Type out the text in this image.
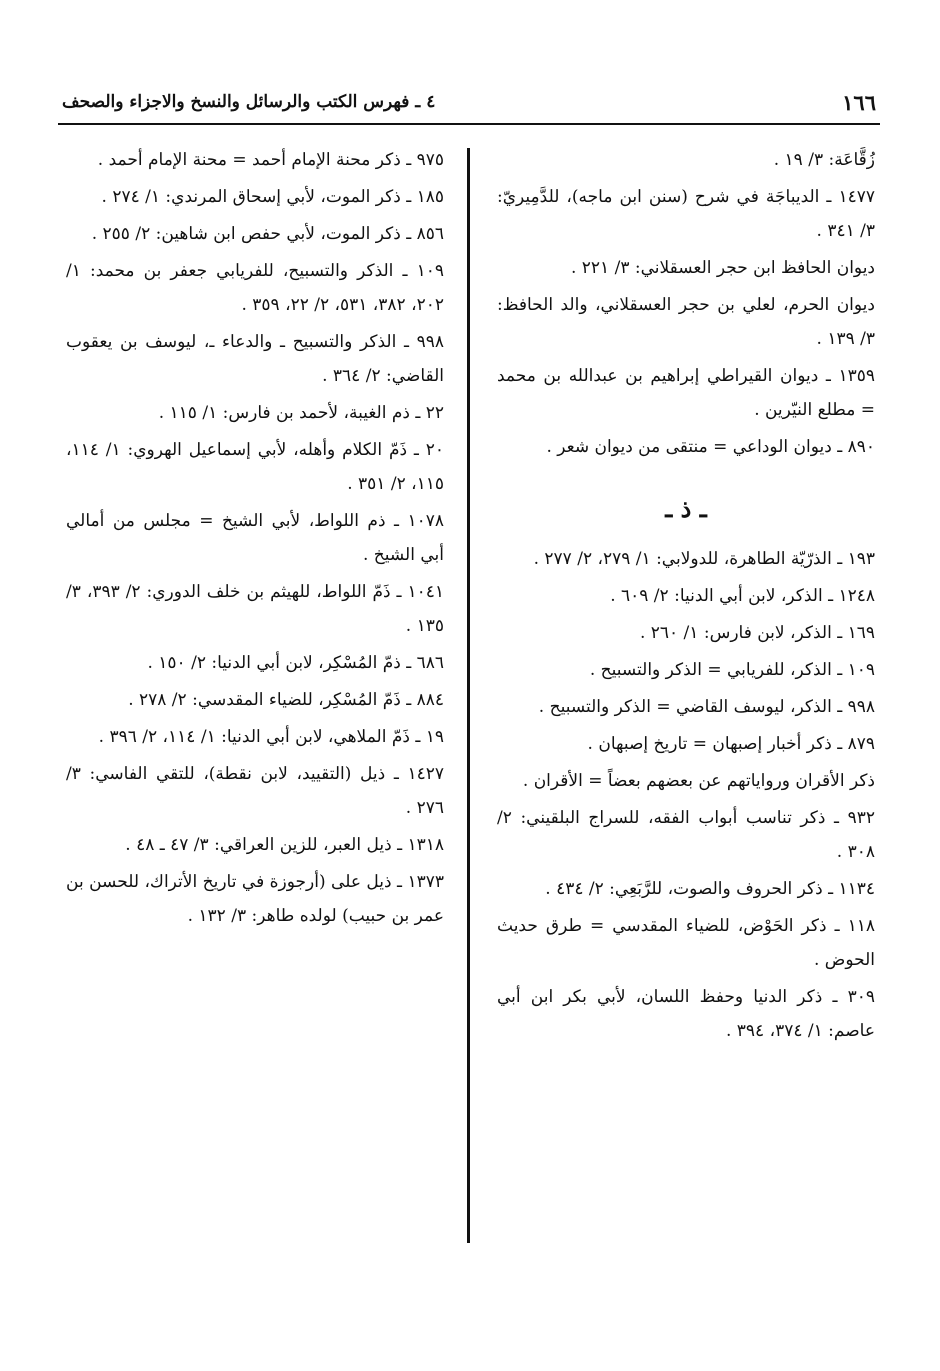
١٦٦
٤ ـ فهرس الكتب والرسائل والنسخ والاجزاء والصحف

زُقَّاعَة: ٣/ ١٩ .

١٤٧٧ ـ الديباجَة في شرح (سنن ابن ماجه)، للدَّمِيريّ: ٣/ ٣٤١ .

ديوان الحافظ ابن حجر العسقلاني: ٣/ ٢٢١ .

ديوان الحرم، لعلي بن حجر العسقلاني، والد الحافظ: ٣/ ١٣٩ .

١٣٥٩ ـ ديوان القيراطي إبراهيم بن عبدالله بن محمد = مطلع النيّرين .

٨٩٠ ـ ديوان الوداعي = منتقى من ديوان شعر .

ـ ذ ـ

١٩٣ ـ الذرّيّة الطاهرة، للدولابي: ١/ ٢٧٩، ٢/ ٢٧٧ .

١٢٤٨ ـ الذكر، لابن أبي الدنيا: ٢/ ٦٠٩ .

١٦٩ ـ الذكر، لابن فارس: ١/ ٢٦٠ .

١٠٩ ـ الذكر، للفريابي = الذكر والتسبيح .

٩٩٨ ـ الذكر، ليوسف القاضي = الذكر والتسبيح .

٨٧٩ ـ ذكر أخبار إصبهان = تاريخ إصبهان .

ذكر الأقران ورواياتهم عن بعضهم بعضاً = الأقران .

٩٣٢ ـ ذكر تناسب أبواب الفقه، للسراج البلقيني: ٢/ ٣٠٨ .

١١٣٤ ـ ذكر الحروف والصوت، للرَّبَعِي: ٢/ ٤٣٤ .

١١٨ ـ ذكر الحَوْض، للضياء المقدسي = طرق حديث الحوض .

٣٠٩ ـ ذكر الدنيا وحفظ اللسان، لأبي بكر ابن أبي عاصم: ١/ ٣٧٤، ٣٩٤ .

٩٧٥ ـ ذكر محنة الإمام أحمد = محنة الإمام أحمد .

١٨٥ ـ ذكر الموت، لأبي إسحاق المرندي: ١/ ٢٧٤ .

٨٥٦ ـ ذكر الموت، لأبي حفص ابن شاهين: ٢/ ٢٥٥ .

١٠٩ ـ الذكر والتسبيح، للفريابي جعفر بن محمد: ١/ ٢٠٢، ٣٨٢، ٥٣١، ٢/ ٢٢، ٣٥٩ .

٩٩٨ ـ الذكر والتسبيح ـ والدعاء ـ، ليوسف بن يعقوب القاضي: ٢/ ٣٦٤ .

٢٢ ـ ذم الغيبة، لأحمد بن فارس: ١/ ١١٥ .

٢٠ ـ ذَمّ الكلام وأهله، لأبي إسماعيل الهروي: ١/ ١١٤، ١١٥، ٢/ ٣٥١ .

١٠٧٨ ـ ذم اللواط، لأبي الشيخ = مجلس من أمالي أبي الشيخ .

١٠٤١ ـ ذَمّ اللواط، للهيثم بن خلف الدوري: ٢/ ٣٩٣، ٣/ ١٣٥ .

٦٨٦ ـ ذمّ المُسْكِر، لابن أبي الدنيا: ٢/ ١٥٠ .

٨٨٤ ـ ذَمّ المُسْكِر، للضياء المقدسي: ٢/ ٢٧٨ .

١٩ ـ ذَمّ الملاهي، لابن أبي الدنيا: ١/ ١١٤، ٢/ ٣٩٦ .

١٤٢٧ ـ ذيل (التقييد، لابن نقطة)، للتقي الفاسي: ٣/ ٢٧٦ .

١٣١٨ ـ ذيل العبر، للزين العراقي: ٣/ ٤٧ ـ ٤٨ .

١٣٧٣ ـ ذيل على (أرجوزة في تاريخ الأتراك، للحسن بن عمر بن حبيب) لولده طاهر: ٣/ ١٣٢ .
